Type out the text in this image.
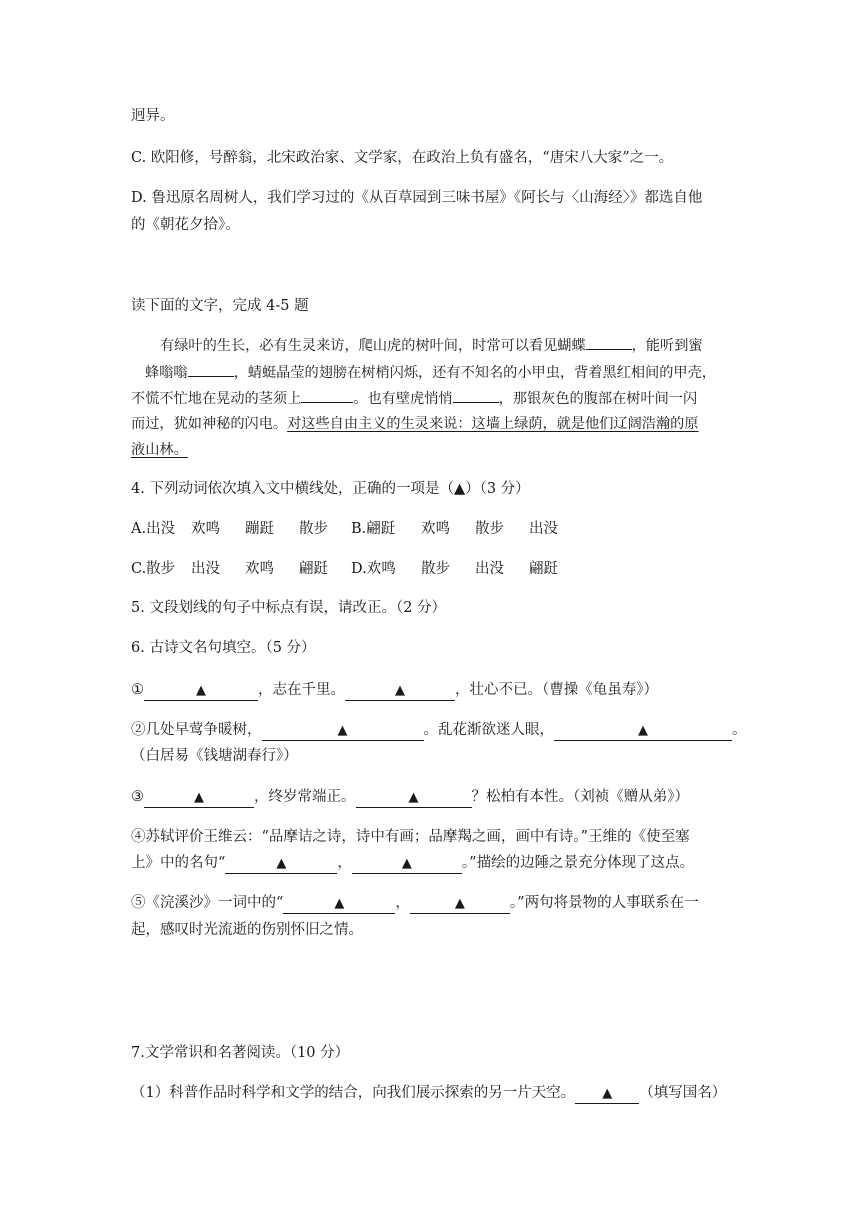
迥异。
C. 欧阳修，号醉翁，北宋政治家、文学家，在政治上负有盛名，“唐宋八大家”之一。
D. 鲁迅原名周树人，我们学习过的《从百草园到三味书屋》《阿长与〈山海经〉》都选自他
的《朝花夕拾》。
读下面的文字，完成 4-5 题
有绿叶的生长，必有生灵来访，爬山虎的树叶间，时常可以看见蝴蝶	，能听到蜜
蜂嗡嗡	，蜻蜓晶莹的翅膀在树梢闪烁，还有不知名的小甲虫，背着黑红相间的甲壳，
不慌不忙地在晃动的茎须上	。也有壁虎悄悄	，那银灰色的腹部在树叶间一闪
而过，犹如神秘的闪电。对这些自由主义的生灵来说：这墙上绿荫，就是他们辽阔浩瀚的原
液山林。
4. 下列动词依次填入文中横线处，正确的一项是（▲）（3 分）
A.出没 欢鸣 蹦跹 散步 B.翩跹 欢鸣 散步 出没
C.散步 出没 欢鸣 翩跹 D.欢鸣 散步 出没 翩跹
5. 文段划线的句子中标点有误，请改正。（2 分）
6. 古诗文名句填空。（5 分）
①	▲	，志在千里。	▲	，壮心不已。（曹操《龟虽寿》）
②几处早莺争暖树，	▲	。乱花渐欲迷人眼，	▲	。
（白居易《钱塘湖春行》）
③	▲	，终岁常端正。	▲	？松柏有本性。（刘祯《赠从弟》）
④苏轼评价王维云：“品摩诘之诗，诗中有画；品摩羯之画，画中有诗。”王维的《使至塞
上》中的名句“	▲	，	▲	。”描绘的边陲之景充分体现了这点。
⑤《浣溪沙》一词中的“	▲	，	▲	。”两句将景物的人事联系在一
起，感叹时光流逝的伤别怀旧之情。
7.文学常识和名著阅读。（10 分）
（1）科普作品时科学和文学的结合，向我们展示探索的另一片天空。 ▲ （填写国名）
